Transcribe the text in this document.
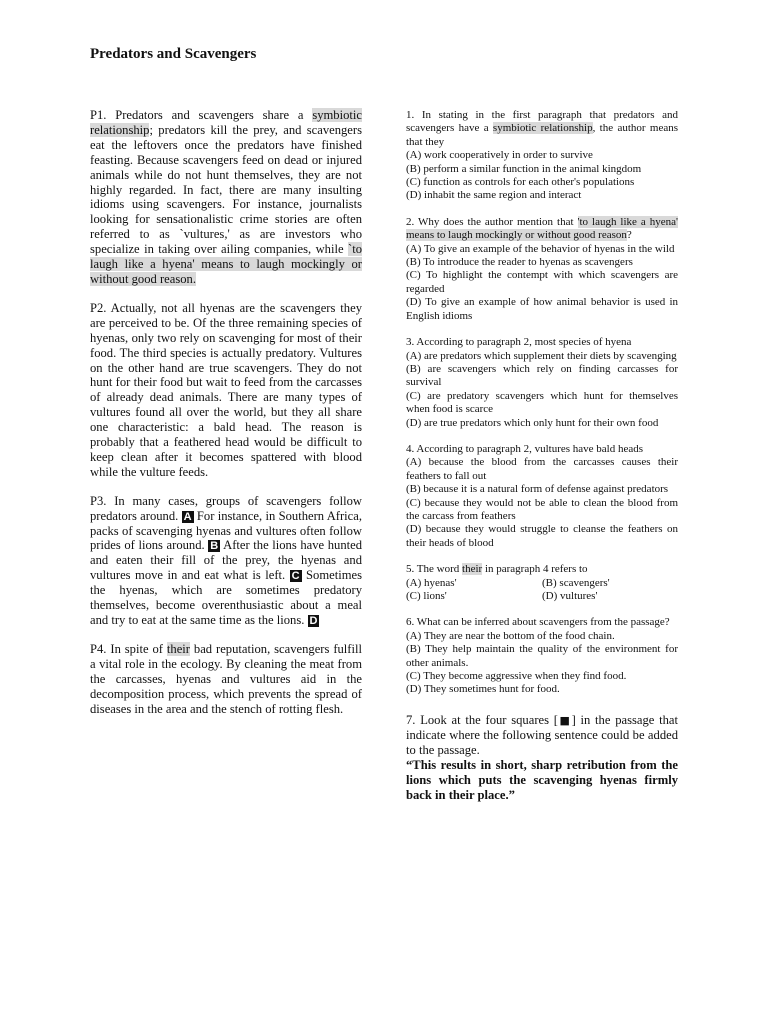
Predators and Scavengers

P1. Predators and scavengers share a symbiotic relationship; predators kill the prey, and scavengers eat the leftovers once the predators have finished feasting. Because scavengers feed on dead or injured animals while do not hunt themselves, they are not highly regarded. In fact, there are many insulting idioms using scavengers. For instance, journalists looking for sensationalistic crime stories are often referred to as `vultures,' as are investors who specialize in taking over ailing companies, while `to laugh like a hyena' means to laugh mockingly or without good reason.

P2. Actually, not all hyenas are the scavengers they are perceived to be. Of the three remaining species of hyenas, only two rely on scavenging for most of their food. The third species is actually predatory. Vultures on the other hand are true scavengers. They do not hunt for their food but wait to feed from the carcasses of already dead animals. There are many types of vultures found all over the world, but they all share one characteristic: a bald head. The reason is probably that a feathered head would be difficult to keep clean after it becomes spattered with blood while the vulture feeds.

P3. In many cases, groups of scavengers follow predators around. A For instance, in Southern Africa, packs of scavenging hyenas and vultures often follow prides of lions around. B After the lions have hunted and eaten their fill of the prey, the hyenas and vultures move in and eat what is left. C Sometimes the hyenas, which are sometimes predatory themselves, become overenthusiastic about a meal and try to eat at the same time as the lions. D

P4. In spite of their bad reputation, scavengers fulfill a vital role in the ecology. By cleaning the meat from the carcasses, hyenas and vultures aid in the decomposition process, which prevents the spread of diseases in the area and the stench of rotting flesh.

1. In stating in the first paragraph that predators and scavengers have a symbiotic relationship, the author means that they
(A) work cooperatively in order to survive
(B) perform a similar function in the animal kingdom
(C) function as controls for each other's populations
(D) inhabit the same region and interact
2. Why does the author mention that 'to laugh like a hyena' means to laugh mockingly or without good reason?
(A) To give an example of the behavior of hyenas in the wild
(B) To introduce the reader to hyenas as scavengers
(C) To highlight the contempt with which scavengers are regarded
(D) To give an example of how animal behavior is used in English idioms
3. According to paragraph 2, most species of hyena
(A) are predators which supplement their diets by scavenging
(B) are scavengers which rely on finding carcasses for survival
(C) are predatory scavengers which hunt for themselves when food is scarce
(D) are true predators which only hunt for their own food
4. According to paragraph 2, vultures have bald heads
(A) because the blood from the carcasses causes their feathers to fall out
(B) because it is a natural form of defense against predators
(C) because they would not be able to clean the blood from the carcass from feathers
(D) because they would struggle to cleanse the feathers on their heads of blood
5. The word their in paragraph 4 refers to
(A) hyenas'	(B) scavengers'
(C) lions'	(D) vultures'
6. What can be inferred about scavengers from the passage?
(A) They are near the bottom of the food chain.
(B) They help maintain the quality of the environment for other animals.
(C) They become aggressive when they find food.
(D) They sometimes hunt for food.
7. Look at the four squares [■] in the passage that indicate where the following sentence could be added to the passage.
“This results in short, sharp retribution from the lions which puts the scavenging hyenas firmly back in their place.”
